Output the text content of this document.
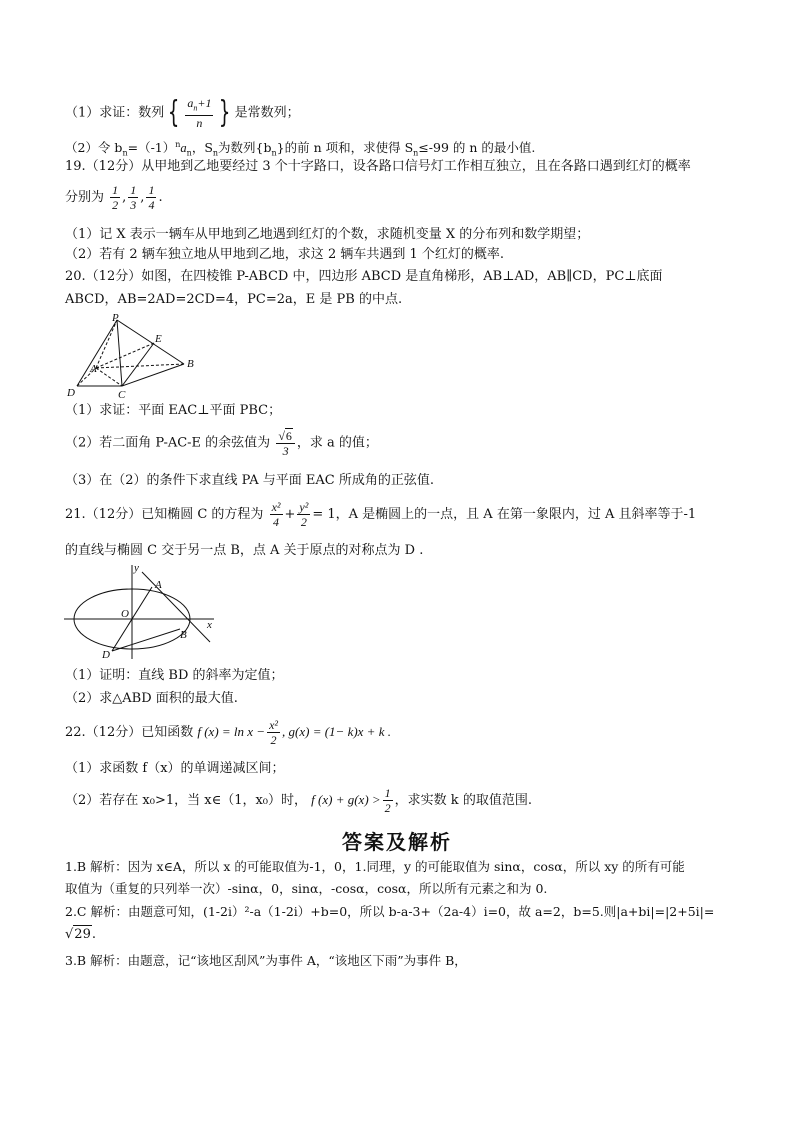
（1）求证：数列 { $\frac{a_n+1}{n}$ } 是常数列；
（2）令 $b_n=(-1)^na_n$，$S_n$为数列$\{b_n\}$的前 n 项和，求使得 $S_n\le-99$ 的 n 的最小值.
19.（12分）从甲地到乙地要经过 3 个十字路口，设各路口信号灯工作相互独立，且在各路口遇到红灯的概率
分别为 $\frac{1}{2}$ , $\frac{1}{3}$ , $\frac{1}{4}$ .
（1）记 X 表示一辆车从甲地到乙地遇到红灯的个数，求随机变量 X 的分布列和数学期望；
（2）若有 2 辆车独立地从甲地到乙地，求这 2 辆车共遇到 1 个红灯的概率.
20.（12分）如图，在四棱锥 P-ABCD 中，四边形 ABCD 是直角梯形，AB⊥AD，AB∥CD，PC⊥底面
ABCD，AB=2AD=2CD=4，PC=2a，E 是 PB 的中点.
P
E
A	B
D	C
（1）求证：平面 EAC⊥平面 PBC；
（2）若二面角 P-AC-E 的余弦值为 $\frac{√6}{3}$ ，求 a 的值；
（3）在（2）的条件下求直线 PA 与平面 EAC 所成角的正弦值.
21.（12分）已知椭圆 C 的方程为 $\frac{\text{x²}}{4} + \frac{\text{y²}}{2} = 1$，A 是椭圆上的一点，且 A 在第一象限内，过 A 且斜率等于-1
的直线与椭圆 C 交于另一点 B，点 A 关于原点的对称点为 D .
y
A
O
x
D
B
（1）证明：直线 BD 的斜率为定值；
（2）求△ABD 面积的最大值.
22.（12分）已知函数 f $(x) = \ln x - \frac{\text{x²}}{2}$ , g(x) = (1− k)x + k .
（1）求函数 f（x）的单调递减区间；
（2）若存在 x₀>1，当 x∈（1，x₀）时， f $(x) + g(x) > \frac{1}{2}$ ，求实数 k 的取值范围.
答案及解析
1.B 解析：因为 x∈A，所以 x 的可能取值为-1，0，1.同理，y 的可能取值为 sinα，cosα，所以 xy 的所有可能
取值为（重复的只列举一次）-sinα，0，sinα，-cosα，cosα，所以所有元素之和为 0.
2.C 解析：由题意可知，(1-2i）²-a（1-2i）+b=0，所以 b-a-3+（2a-4）i=0，故 a=2，b=5.则|a+bi|=|2+5i|=
√29.
3.B 解析：由题意，记“该地区刮风”为事件 A，“该地区下雨”为事件 B，
